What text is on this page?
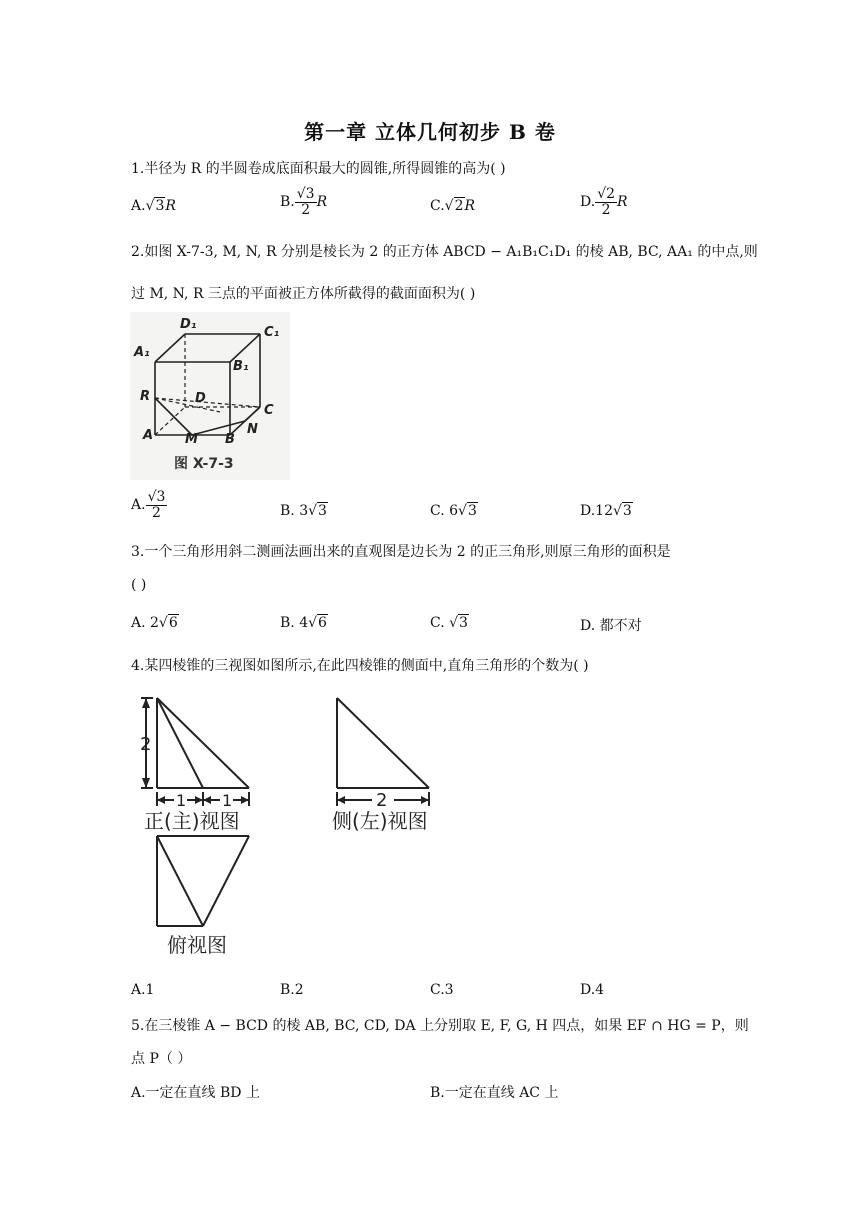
第一章 立体几何初步 B 卷
1.半径为 R 的半圆卷成底面积最大的圆锥,所得圆锥的高为( )
A.√3R	B. $\frac{√3}{2}$ R	C.√2R	D. $\frac{√2}{2}$ R
2.如图 X-7-3, M, N, R 分别是棱长为 2 的正方体 ABCD − A₁B₁C₁D₁ 的棱 AB, BC, AA₁ 的中点,则
过 M, N, R 三点的平面被正方体所截得的截面面积为( )
D₁
C₁
A₁
B₁
R	D
C
A M B
N
图 X-7-3
A. $\frac{√3}{2}$	B. 3√3	C. 6√3	D.12√3
3.一个三角形用斜二测画法画出来的直观图是边长为 2 的正三角形,则原三角形的面积是
( )
A. 2√6	B. 4√6	C. √3	D. 都不对
4.某四棱锥的三视图如图所示,在此四棱锥的侧面中,直角三角形的个数为( )
2
1 1	2
正(主)视图	侧(左)视图
俯视图
A.1	B.2	C.3	D.4
5.在三棱锥 A − BCD 的棱 AB, BC, CD, DA 上分别取 E, F, G, H 四点，如果 EF ∩ HG = P，则
点 P（ ）
A.一定在直线 BD 上	B.一定在直线 AC 上
